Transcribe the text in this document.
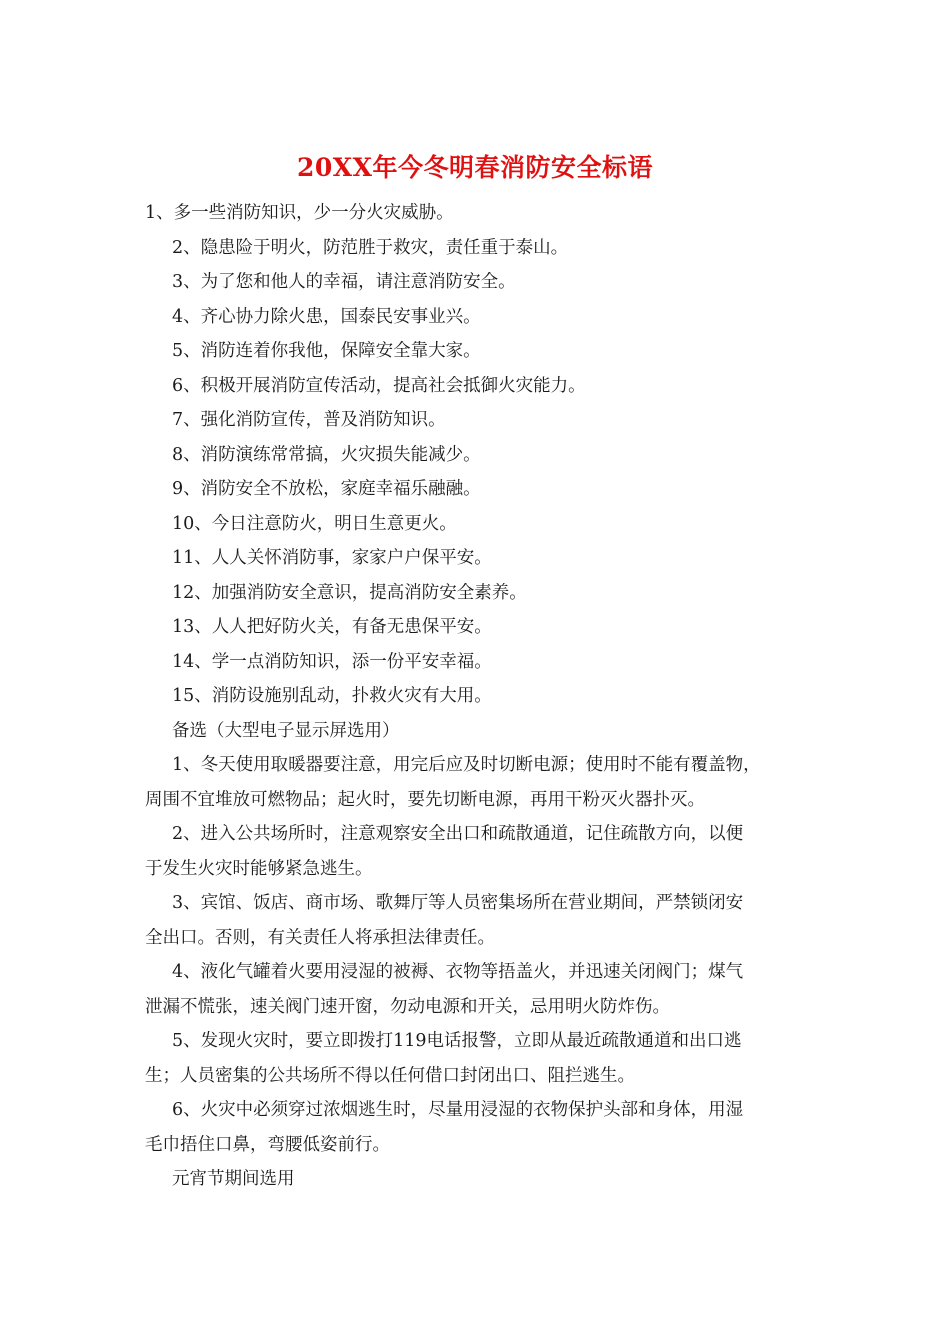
20XX年今冬明春消防安全标语
1、多一些消防知识，少一分火灾威胁。
2、隐患险于明火，防范胜于救灾，责任重于泰山。
3、为了您和他人的幸福，请注意消防安全。
4、齐心协力除火患，国泰民安事业兴。
5、消防连着你我他，保障安全靠大家。
6、积极开展消防宣传活动，提高社会抵御火灾能力。
7、强化消防宣传，普及消防知识。
8、消防演练常常搞，火灾损失能减少。
9、消防安全不放松，家庭幸福乐融融。
10、今日注意防火，明日生意更火。
11、人人关怀消防事，家家户户保平安。
12、加强消防安全意识，提高消防安全素养。
13、人人把好防火关，有备无患保平安。
14、学一点消防知识，添一份平安幸福。
15、消防设施别乱动，扑救火灾有大用。
备选（大型电子显示屏选用）
1、冬天使用取暖器要注意，用完后应及时切断电源；使用时不能有覆盖物，
周围不宜堆放可燃物品；起火时，要先切断电源，再用干粉灭火器扑灭。
2、进入公共场所时，注意观察安全出口和疏散通道，记住疏散方向，以便
于发生火灾时能够紧急逃生。
3、宾馆、饭店、商市场、歌舞厅等人员密集场所在营业期间，严禁锁闭安
全出口。否则，有关责任人将承担法律责任。
4、液化气罐着火要用浸湿的被褥、衣物等捂盖火，并迅速关闭阀门；煤气
泄漏不慌张，速关阀门速开窗，勿动电源和开关，忌用明火防炸伤。
5、发现火灾时，要立即拨打119电话报警，立即从最近疏散通道和出口逃
生；人员密集的公共场所不得以任何借口封闭出口、阻拦逃生。
6、火灾中必须穿过浓烟逃生时，尽量用浸湿的衣物保护头部和身体，用湿
毛巾捂住口鼻，弯腰低姿前行。
元宵节期间选用
